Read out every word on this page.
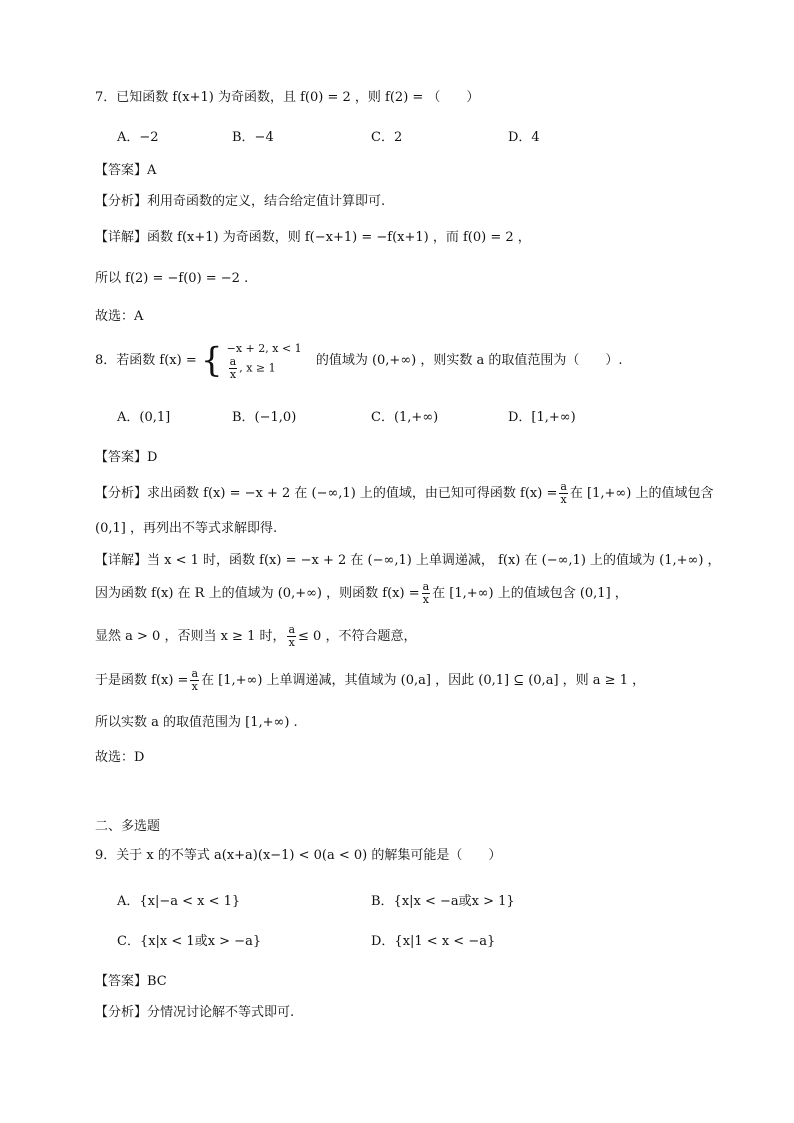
7．已知函数 f(x+1) 为奇函数，且 f(0) = 2 ，则 f(2) = （　　）
A．−2	B．−4	C．2	D．4
【答案】A
【分析】利用奇函数的定义，结合给定值计算即可.
【详解】函数 f(x+1) 为奇函数，则 f(−x+1) = −f(x+1) ，而 f(0) = 2 ，
所以 f(2) = −f(0) = −2 .
故选：A
8．若函数 f(x) = { −x + 2, x < 1
$\frac{a}{x}$ , x ≥ 1	的值域为 (0,+∞) ，则实数 a 的取值范围为（　　）.
A．(0,1]	B．(−1,0)	C．(1,+∞)	D．[1,+∞)
【答案】D
【分析】求出函数 f(x) = −x + 2 在 (−∞,1) 上的值域，由已知可得函数 $f(x) = \frac{a}{x}$ 在 [1,+∞) 上的值域包含
(0,1] ，再列出不等式求解即得.
【详解】当 x < 1 时，函数 f(x) = −x + 2 在 (−∞,1) 上单调递减， f(x) 在 (−∞,1) 上的值域为 (1,+∞) ，
因为函数 f(x) 在 R 上的值域为 (0,+∞) ，则函数 $f(x) = \frac{a}{x}$ 在 [1,+∞) 上的值域包含 (0,1] ，
显然 a > 0 ，否则当 x ≥ 1 时， $\frac{a}{x} \le 0$ ，不符合题意，
于是函数 $f(x) = \frac{a}{x}$ 在 [1,+∞) 上单调递减，其值域为 (0,a] ，因此 (0,1] ⊆ (0,a] ，则 a ≥ 1 ，
所以实数 a 的取值范围为 [1,+∞) .
故选：D
二、多选题
9．关于 x 的不等式 a(x+a)(x−1) < 0(a < 0) 的解集可能是（　　）
A．{x|−a < x < 1}	B．{x|x < −a或x > 1}
C．{x|x < 1或x > −a}	D．{x|1 < x < −a}
【答案】BC
【分析】分情况讨论解不等式即可.
